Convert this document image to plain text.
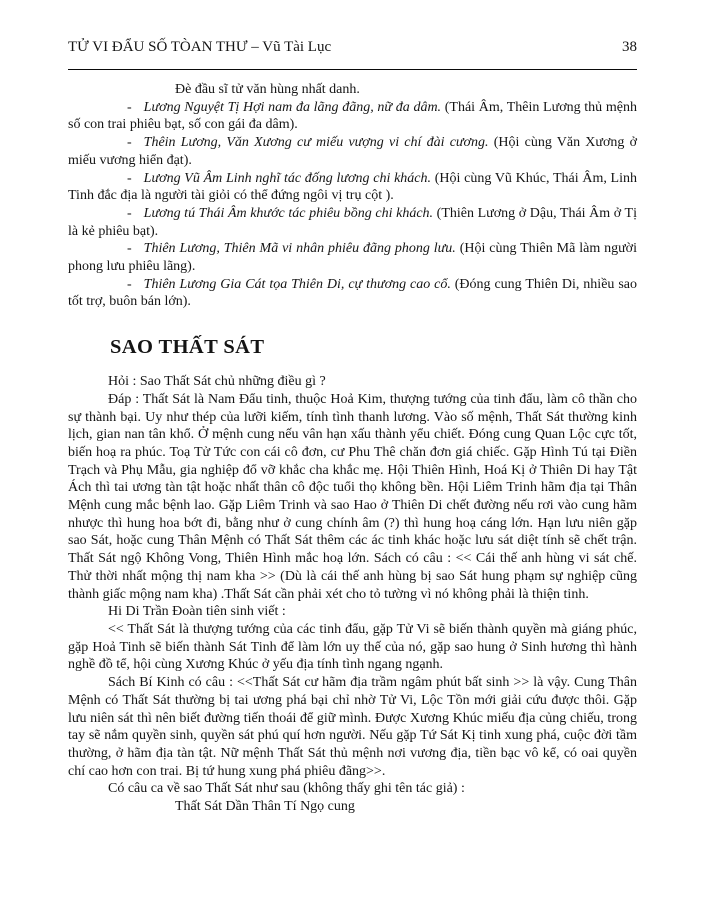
TỬ VI ĐẨU SỐ TÒAN THƯ – Vũ Tài Lục	38
Đè đầu sĩ tử văn hùng nhất danh.
- Lương Nguyệt Tị Hợi nam đa lãng đãng, nữ đa dâm. (Thái Âm, Thêin Lương thủ mệnh số con trai phiêu bạt, số con gái đa dâm).
- Thêin Lương, Văn Xương cư miếu vượng vi chí đài cương. (Hội cùng Văn Xương ở miếu vương hiển đạt).
- Lương Vũ Âm Linh nghĩ tác đống lương chi khách. (Hội cùng Vũ Khúc, Thái Âm, Linh Tinh đắc địa là người tài giỏi có thể đứng ngôi vị trụ cột ).
- Lương tú Thái Âm khước tác phiêu bồng chi khách. (Thiên Lương ở Dậu, Thái Âm ở Tị là kẻ phiêu bạt).
- Thiên Lương, Thiên Mã vi nhân phiêu đãng phong lưu. (Hội cùng Thiên Mã làm người phong lưu phiêu lãng).
- Thiên Lương Gia Cát tọa Thiên Di, cự thương cao cổ. (Đóng cung Thiên Di, nhiều sao tốt trợ, buôn bán lớn).
SAO THẤT SÁT
Hỏi : Sao Thất Sát chủ những điều gì ?
Đáp : Thất Sát là Nam Đẩu tinh, thuộc Hoả Kim, thượng tướng của tinh đẩu, làm cô thần cho sự thành bại. Uy như thép của lưỡi kiếm, tính tình thanh lương. Vào số mệnh, Thất Sát thường kinh lịch, gian nan tân khổ. Ở mệnh cung nếu vân hạn xấu thành yểu chiết. Đóng cung Quan Lộc cực tốt, biến hoạ ra phúc. Toạ Tử Tức con cái cô đơn, cư Phu Thê chăn đơn giá chiếc. Gặp Hình Tú tại Điền Trạch và Phụ Mẫu, gia nghiệp đổ vỡ khắc cha khắc mẹ. Hội Thiên Hình, Hoá Kị ở Thiên Di hay Tật Ách thì tai ương tàn tật hoặc nhất thân cô độc tuổi thọ không bền. Hội Liêm Trinh hãm địa tại Thân Mệnh cung mắc bệnh lao. Gặp Liêm Trinh và sao Hao ở Thiên Di chết đường nếu rơi vào cung hãm nhược thì hung hoa bớt đi, bằng như ở cung chính âm (?) thì hung hoạ cáng lớn. Hạn lưu niên gặp sao Sát, hoặc cung Thân Mệnh có Thất Sát thêm các ác tinh khác hoặc lưu sát diệt tính sẽ chết trận. Thất Sát ngộ Không Vong, Thiên Hình mắc hoạ lớn. Sách có câu : << Cái thế anh hùng vi sát chế. Thử thời nhất mộng thị nam kha >> (Dù là cái thế anh hùng bị sao Sát hung phạm sự nghiệp cũng thành giấc mộng nam kha) .Thất Sát cần phải xét cho tỏ tường vì nó không phải là thiện tinh.
Hi Di Trần Đoàn tiên sinh viết :
<< Thất Sát là thượng tướng của các tinh đẩu, gặp Tử Vi sẽ biến thành quyền mà giáng phúc, gặp Hoả Tinh sẽ biến thành Sát Tinh để làm lớn uy thế của nó, gặp sao hung ở Sinh hương thì hành nghề đồ tể, hội cùng Xương Khúc ở yếu địa tính tình ngang ngạnh.
Sách Bí Kinh có câu : <<Thất Sát cư hãm địa trầm ngâm phút bất sinh >> là vậy. Cung Thân Mệnh có Thất Sát thường bị tai ương phá bại chỉ nhờ Tử Vi, Lộc Tồn mới giải cứu được thôi. Gặp lưu niên sát thì nên biết đường tiến thoái để giữ mình. Được Xương Khúc miếu địa củng chiếu, trong tay sẽ nắm quyền sinh, quyền sát phú quí hơn người. Nếu gặp Tứ Sát Kị tinh xung phá, cuộc đời tầm thường, ở hãm địa tàn tật. Nữ mệnh Thất Sát thủ mệnh nơi vương địa, tiền bạc vô kể, có oai quyền chí cao hơn con trai. Bị tứ hung xung phá phiêu đãng>>.
Có câu ca về sao Thất Sát như sau (không thấy ghi tên tác giả) :
Thất Sát Dần Thân Tí Ngọ cung
